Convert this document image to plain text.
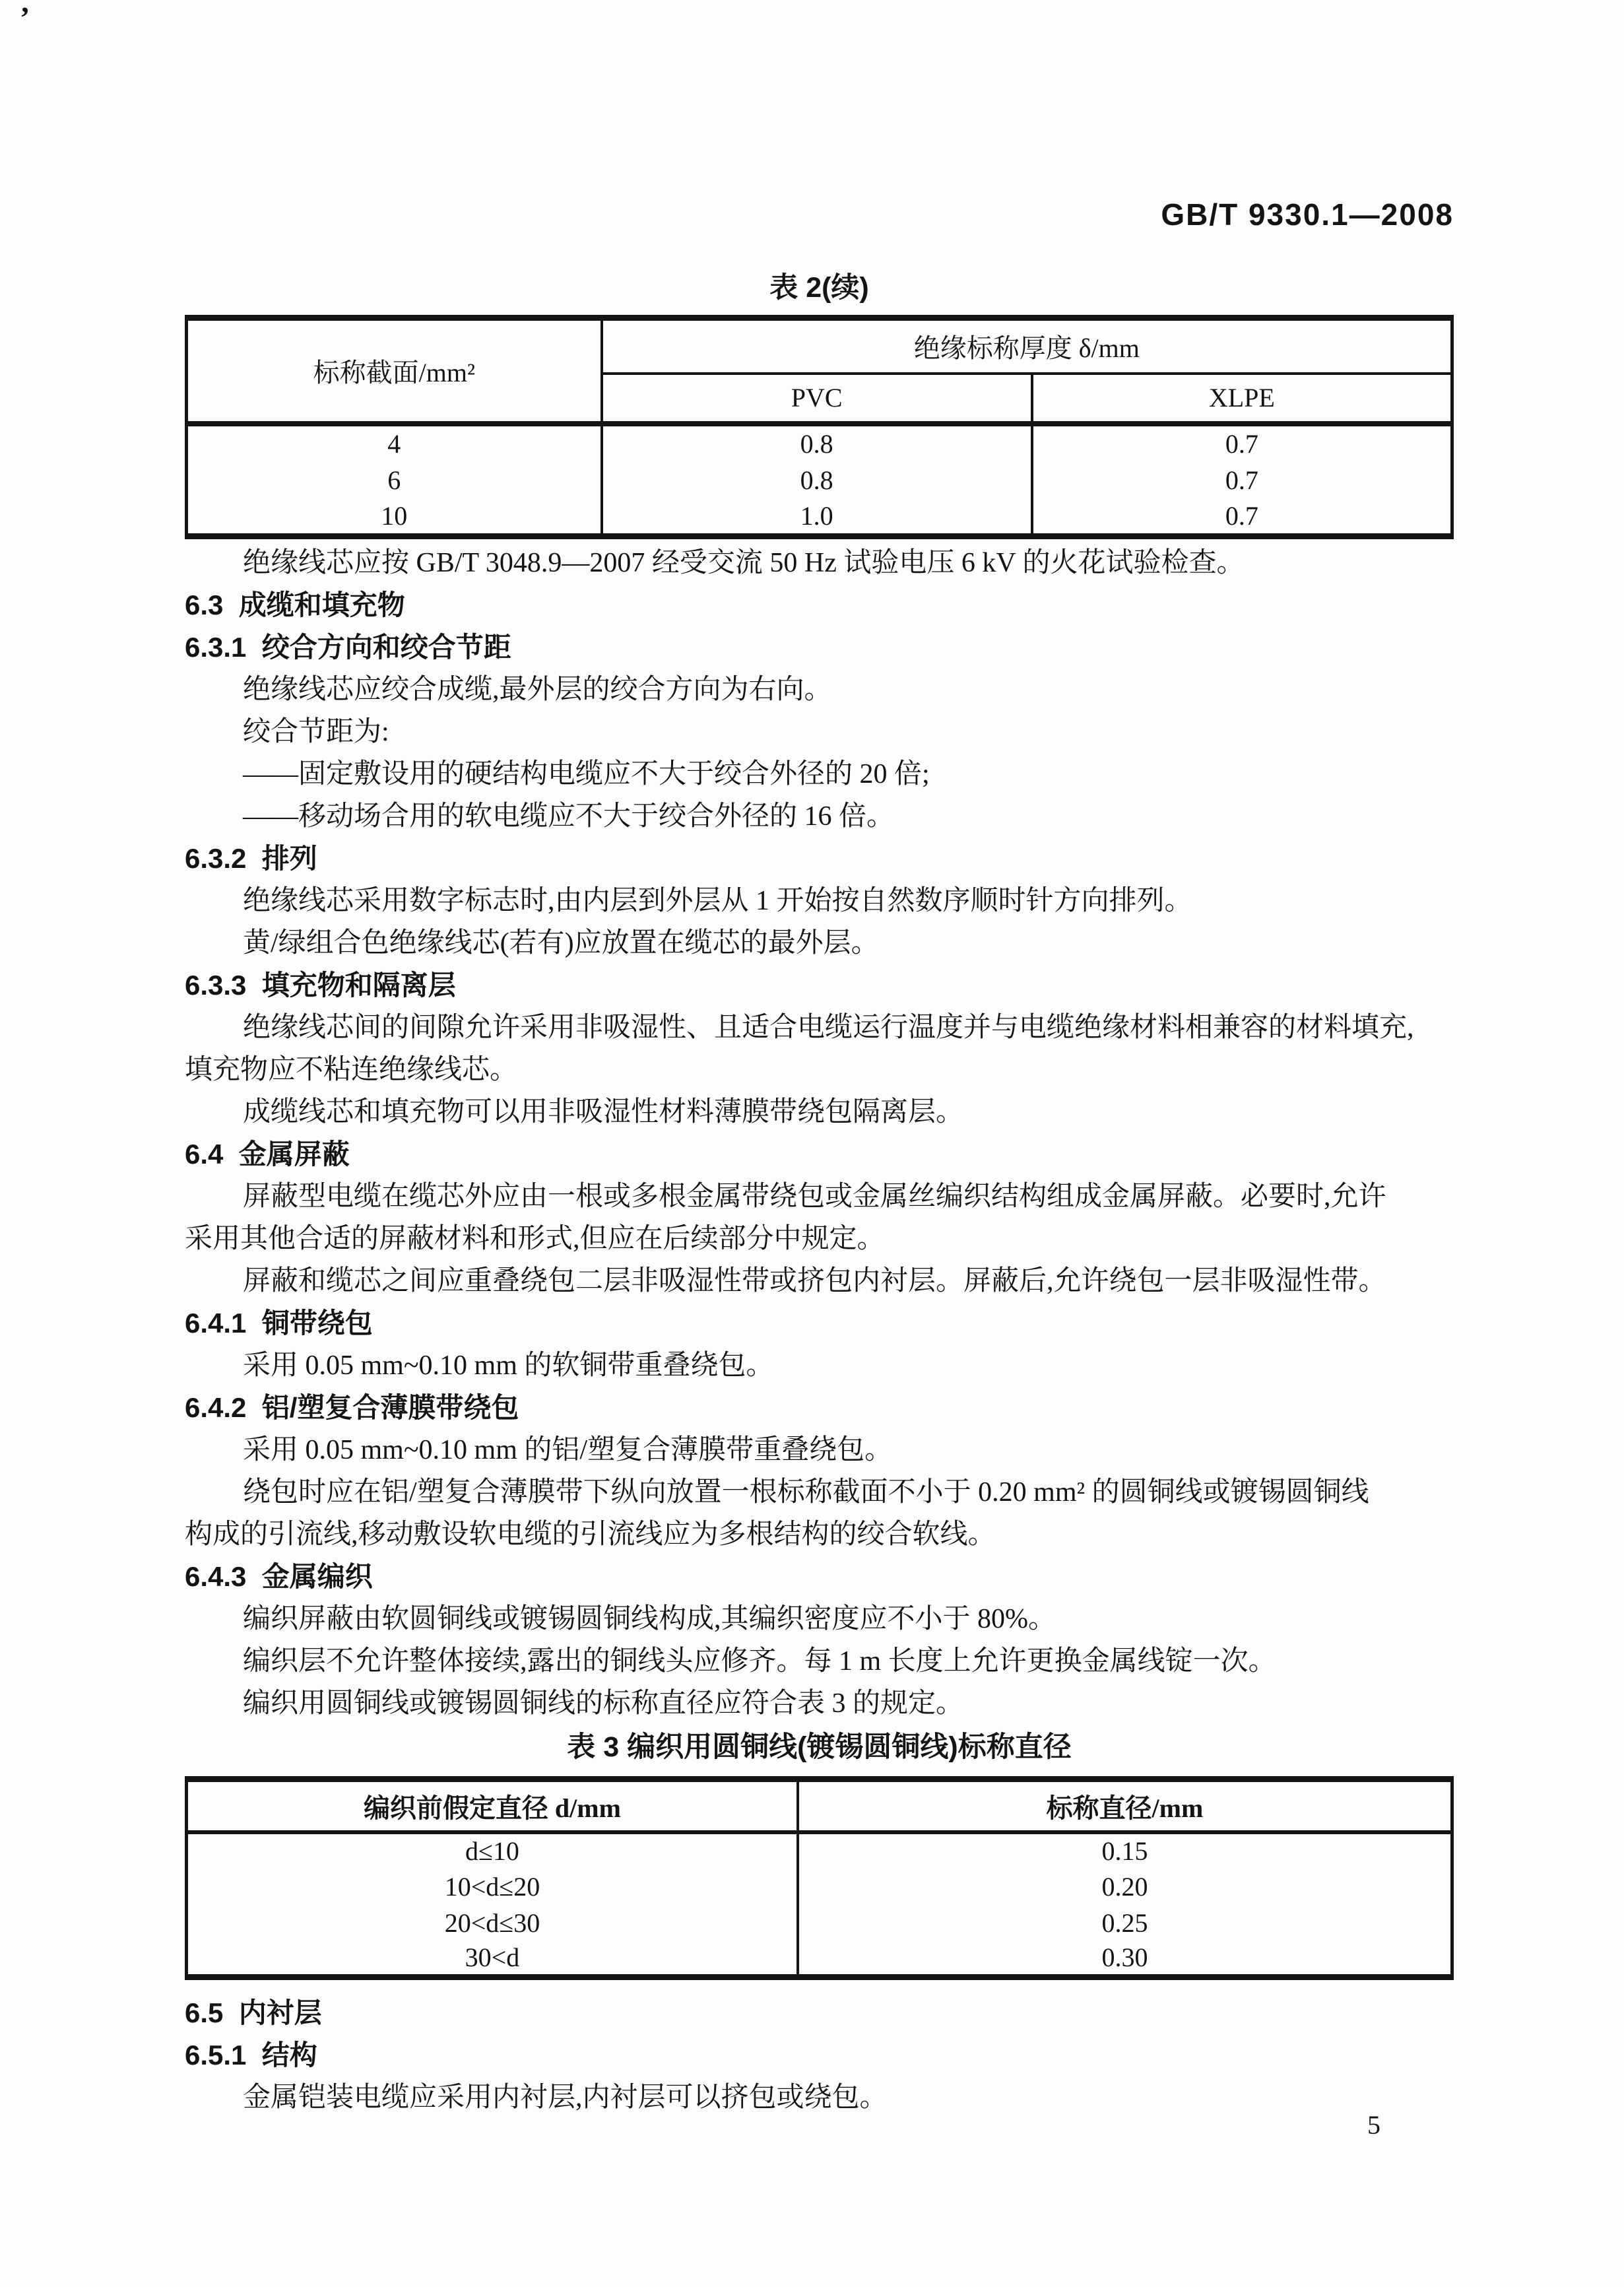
ʼ
GB/T 9330.1—2008
表 2(续)
标称截面/mm²	绝缘标称厚度 δ/mm	
	PVC	XLPE
4	0.8	0.7
6	0.8	0.7
10	1.0	0.7
绝缘线芯应按 GB/T 3048.9—2007 经受交流 50 Hz 试验电压 6 kV 的火花试验检查。
6.3  成缆和填充物
6.3.1  绞合方向和绞合节距
绝缘线芯应绞合成缆,最外层的绞合方向为右向。
绞合节距为:
——固定敷设用的硬结构电缆应不大于绞合外径的 20 倍;
——移动场合用的软电缆应不大于绞合外径的 16 倍。
6.3.2  排列
绝缘线芯采用数字标志时,由内层到外层从 1 开始按自然数序顺时针方向排列。
黄/绿组合色绝缘线芯(若有)应放置在缆芯的最外层。
6.3.3  填充物和隔离层
绝缘线芯间的间隙允许采用非吸湿性、且适合电缆运行温度并与电缆绝缘材料相兼容的材料填充,
填充物应不粘连绝缘线芯。
成缆线芯和填充物可以用非吸湿性材料薄膜带绕包隔离层。
6.4  金属屏蔽
屏蔽型电缆在缆芯外应由一根或多根金属带绕包或金属丝编织结构组成金属屏蔽。必要时,允许
采用其他合适的屏蔽材料和形式,但应在后续部分中规定。
屏蔽和缆芯之间应重叠绕包二层非吸湿性带或挤包内衬层。屏蔽后,允许绕包一层非吸湿性带。
6.4.1  铜带绕包
采用 0.05 mm~0.10 mm 的软铜带重叠绕包。
6.4.2  铝/塑复合薄膜带绕包
采用 0.05 mm~0.10 mm 的铝/塑复合薄膜带重叠绕包。
绕包时应在铝/塑复合薄膜带下纵向放置一根标称截面不小于 0.20 mm² 的圆铜线或镀锡圆铜线
构成的引流线,移动敷设软电缆的引流线应为多根结构的绞合软线。
6.4.3  金属编织
编织屏蔽由软圆铜线或镀锡圆铜线构成,其编织密度应不小于 80%。
编织层不允许整体接续,露出的铜线头应修齐。每 1 m 长度上允许更换金属线锭一次。
编织用圆铜线或镀锡圆铜线的标称直径应符合表 3 的规定。
表 3 编织用圆铜线(镀锡圆铜线)标称直径
编织前假定直径 d/mm	标称直径/mm
d≤10	0.15
10<d≤20	0.20
20<d≤30	0.25
30<d	0.30
6.5  内衬层
6.5.1  结构
金属铠装电缆应采用内衬层,内衬层可以挤包或绕包。
5
